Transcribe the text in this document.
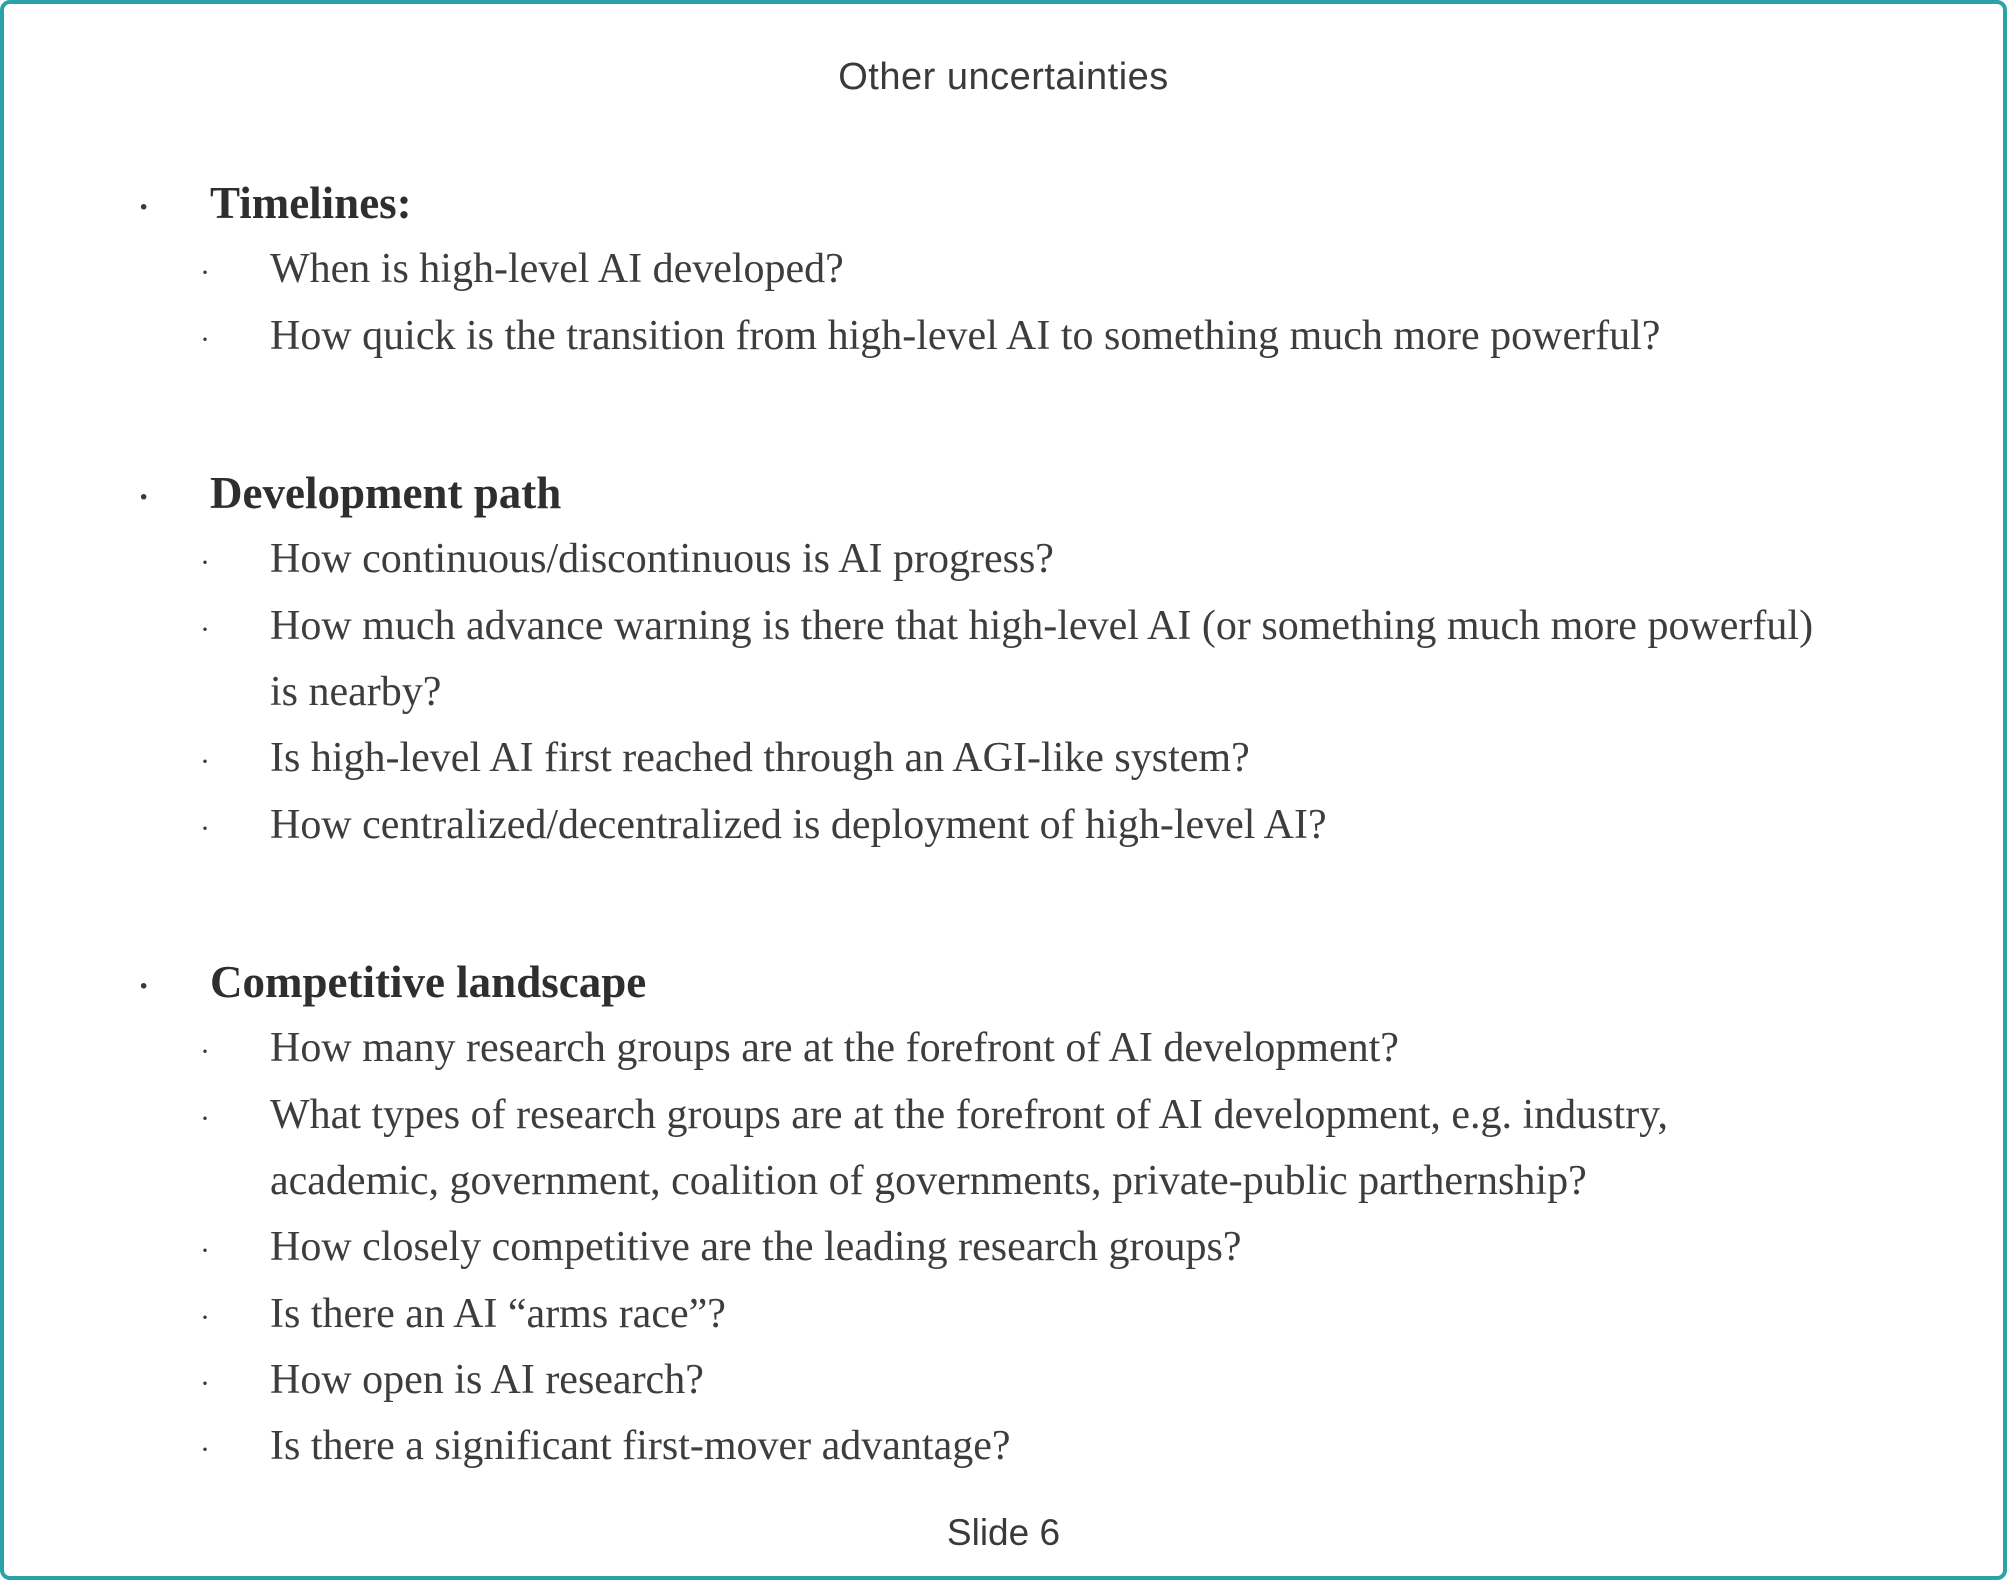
Other uncertainties
·	Timelines:
·	When is high-level AI developed?
·	How quick is the transition from high-level AI to something much more powerful?
·	Development path
·	How continuous/discontinuous is AI progress?
·	How much advance warning is there that high-level AI (or something much more powerful) is nearby?
·	Is high-level AI first reached through an AGI-like system?
·	How centralized/decentralized is deployment of high-level AI?
·	Competitive landscape
·	How many research groups are at the forefront of AI development?
·	What types of research groups are at the forefront of AI development, e.g. industry, academic, government, coalition of governments, private-public parthernship?
·	How closely competitive are the leading research groups?
·	Is there an AI “arms race”?
·	How open is AI research?
·	Is there a significant first-mover advantage?
Slide 6
